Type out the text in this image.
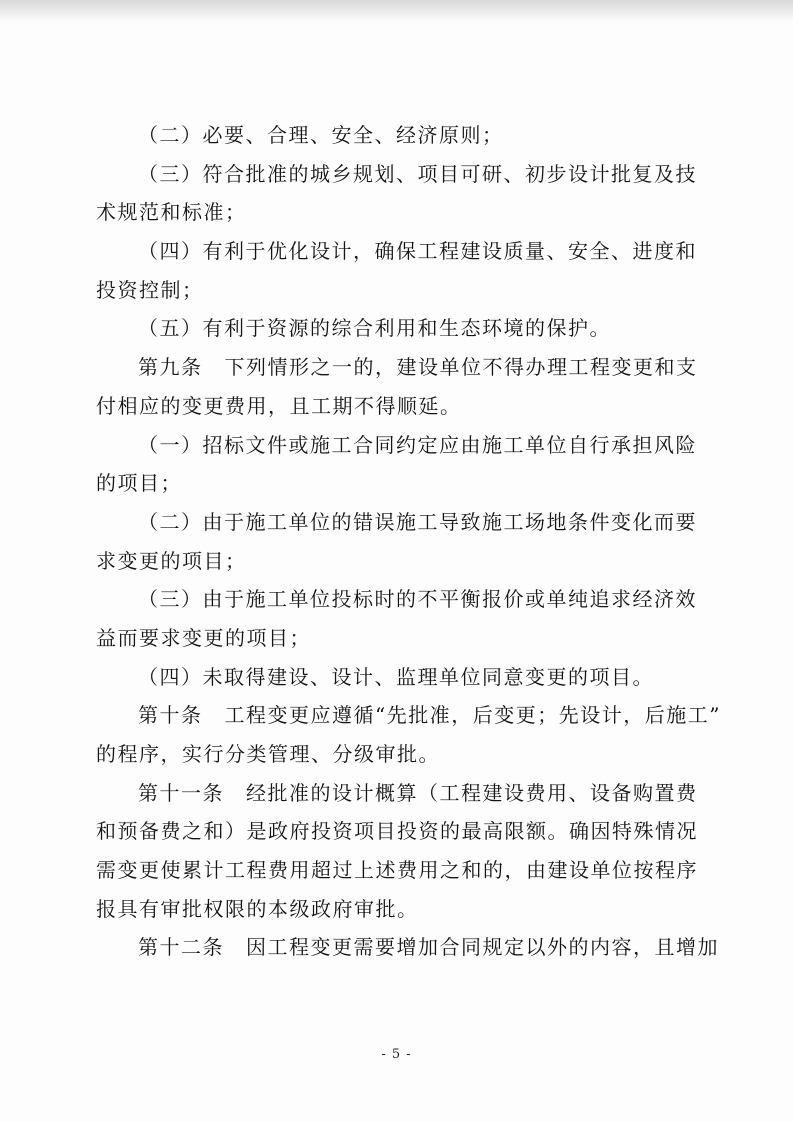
（二）必要、合理、安全、经济原则；
（三）符合批准的城乡规划、项目可研、初步设计批复及技
术规范和标准；
（四）有利于优化设计，确保工程建设质量、安全、进度和
投资控制；
（五）有利于资源的综合利用和生态环境的保护。
第九条 下列情形之一的，建设单位不得办理工程变更和支
付相应的变更费用，且工期不得顺延。
（一）招标文件或施工合同约定应由施工单位自行承担风险
的项目；
（二）由于施工单位的错误施工导致施工场地条件变化而要
求变更的项目；
（三）由于施工单位投标时的不平衡报价或单纯追求经济效
益而要求变更的项目；
（四）未取得建设、设计、监理单位同意变更的项目。
第十条 工程变更应遵循“先批准，后变更；先设计，后施工”
的程序，实行分类管理、分级审批。
第十一条 经批准的设计概算（工程建设费用、设备购置费
和预备费之和）是政府投资项目投资的最高限额。确因特殊情况
需变更使累计工程费用超过上述费用之和的，由建设单位按程序
报具有审批权限的本级政府审批。
第十二条 因工程变更需要增加合同规定以外的内容，且增加
- 5 -
